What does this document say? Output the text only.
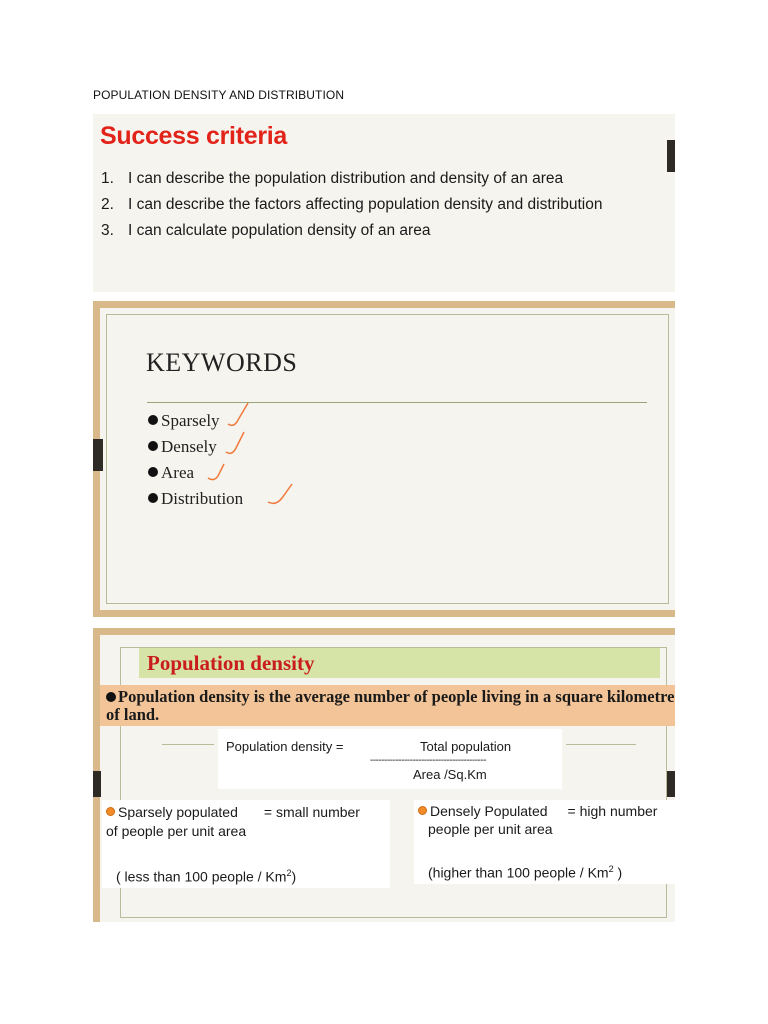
POPULATION DENSITY AND DISTRIBUTION
Success criteria
1. I can describe the population distribution and density of an area
2. I can describe the factors affecting population density and distribution
3. I can calculate population density of an area
KEYWORDS
Sparsely
Densely
Area
Distribution
Population density
Population density is the average number of people living in a square kilometre of land.
Population density =	Total population
-----------------------------------------
Area /Sq.Km
Sparsely populated = small number
of people per unit area
( less than 100 people / Km$^2$)
Densely Populated = high number
people per unit area
(higher than 100 people / Km$^2$ )
